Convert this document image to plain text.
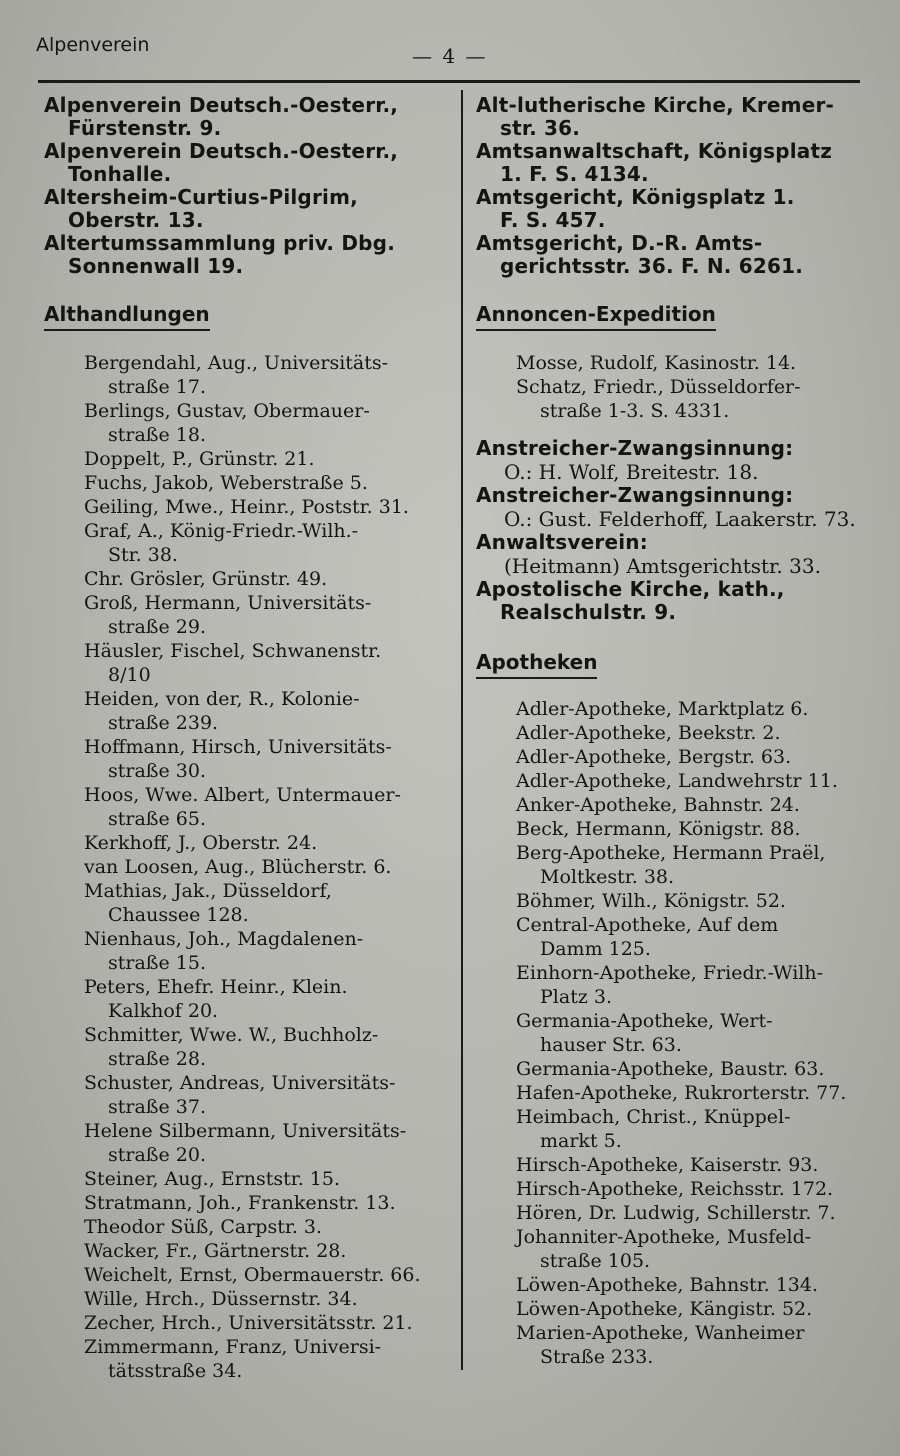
Alpenverein	— 4 —
Alpenverein Deutsch.-Oesterr.,
Fürstenstr. 9.
Alpenverein Deutsch.-Oesterr.,
Tonhalle.
Altersheim-Curtius-Pilgrim,
Oberstr. 13.
Altertumssammlung priv. Dbg.
Sonnenwall 19.
Althandlungen
Bergendahl, Aug., Universitäts-
straße 17.
Berlings, Gustav, Obermauer-
straße 18.
Doppelt, P., Grünstr. 21.
Fuchs, Jakob, Weberstraße 5.
Geiling, Mwe., Heinr., Poststr. 31.
Graf, A., König-Friedr.-Wilh.-
Str. 38.
Chr. Grösler, Grünstr. 49.
Groß, Hermann, Universitäts-
straße 29.
Häusler, Fischel, Schwanenstr.
8/10
Heiden, von der, R., Kolonie-
straße 239.
Hoffmann, Hirsch, Universitäts-
straße 30.
Hoos, Wwe. Albert, Untermauer-
straße 65.
Kerkhoff, J., Oberstr. 24.
van Loosen, Aug., Blücherstr. 6.
Mathias, Jak., Düsseldorf,
Chaussee 128.
Nienhaus, Joh., Magdalenen-
straße 15.
Peters, Ehefr. Heinr., Klein.
Kalkhof 20.
Schmitter, Wwe. W., Buchholz-
straße 28.
Schuster, Andreas, Universitäts-
straße 37.
Helene Silbermann, Universitäts-
straße 20.
Steiner, Aug., Ernststr. 15.
Stratmann, Joh., Frankenstr. 13.
Theodor Süß, Carpstr. 3.
Wacker, Fr., Gärtnerstr. 28.
Weichelt, Ernst, Obermauerstr. 66.
Wille, Hrch., Düssernstr. 34.
Zecher, Hrch., Universitätsstr. 21.
Zimmermann, Franz, Universi-
tätsstraße 34.
Alt-lutherische Kirche, Kremer-
str. 36.
Amtsanwaltschaft, Königsplatz
1. F. S. 4134.
Amtsgericht, Königsplatz 1.
F. S. 457.
Amtsgericht, D.-R. Amts-
gerichtsstr. 36. F. N. 6261.
Annoncen-Expedition
Mosse, Rudolf, Kasinostr. 14.
Schatz, Friedr., Düsseldorfer-
straße 1-3. S. 4331.
Anstreicher-Zwangsinnung:
O.: H. Wolf, Breitestr. 18.
Anstreicher-Zwangsinnung:
O.: Gust. Felderhoff, Laakerstr. 73.
Anwaltsverein:
(Heitmann) Amtsgerichtstr. 33.
Apostolische Kirche, kath.,
Realschulstr. 9.
Apotheken
Adler-Apotheke, Marktplatz 6.
Adler-Apotheke, Beekstr. 2.
Adler-Apotheke, Bergstr. 63.
Adler-Apotheke, Landwehrstr 11.
Anker-Apotheke, Bahnstr. 24.
Beck, Hermann, Königstr. 88.
Berg-Apotheke, Hermann Praël,
Moltkestr. 38.
Böhmer, Wilh., Königstr. 52.
Central-Apotheke, Auf dem
Damm 125.
Einhorn-Apotheke, Friedr.-Wilh-
Platz 3.
Germania-Apotheke, Wert-
hauser Str. 63.
Germania-Apotheke, Baustr. 63.
Hafen-Apotheke, Rukrorterstr. 77.
Heimbach, Christ., Knüppel-
markt 5.
Hirsch-Apotheke, Kaiserstr. 93.
Hirsch-Apotheke, Reichsstr. 172.
Hören, Dr. Ludwig, Schillerstr. 7.
Johanniter-Apotheke, Musfeld-
straße 105.
Löwen-Apotheke, Bahnstr. 134.
Löwen-Apotheke, Kängistr. 52.
Marien-Apotheke, Wanheimer
Straße 233.
